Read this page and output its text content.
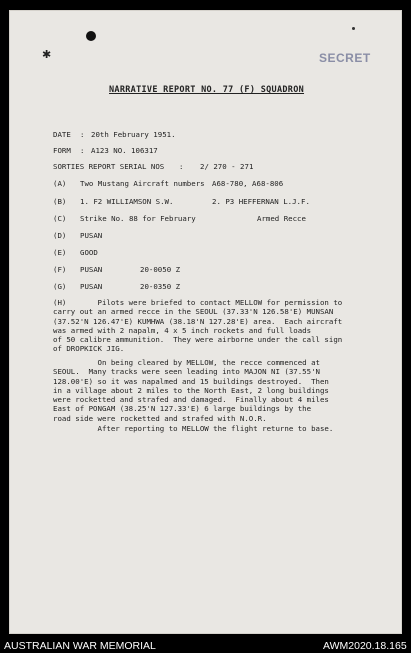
✱	SECRET
NARRATIVE REPORT NO. 77 (F) SQUADRON
DATE : 20th February 1951.
FORM : A123 NO. 106317
SORTIES REPORT SERIAL NOS : 2/ 270 - 271
(A) Two Mustang Aircraft numbers A68-780, A68-806
(B) 1. F2 WILLIAMSON S.W.	2. P3 HEFFERNAN L.J.F.
(C) Strike No. 88 for February	Armed Recce
(D) PUSAN
(E) GOOD
(F) PUSAN	20-0050 Z
(G) PUSAN	20-0350 Z
(H)       Pilots were briefed to contact MELLOW for permission to
carry out an armed recce in the SEOUL (37.33'N 126.58'E) MUNSAN
(37.52'N 126.47'E) KUMHWA (38.18'N 127.28'E) area.  Each aircraft
was armed with 2 napalm, 4 x 5 inch rockets and full loads
of 50 calibre ammunition.  They were airborne under the call sign
of DROPKICK JIG.
On being cleared by MELLOW, the recce commenced at
SEOUL.  Many tracks were seen leading into MAJON NI (37.55'N
128.00'E) so it was napalmed and 15 buildings destroyed.  Then
in a village about 2 miles to the North East, 2 long buildings
were rocketted and strafed and damaged.  Finally about 4 miles
East of PONGAM (38.25'N 127.33'E) 6 large buildings by the
road side were rocketted and strafed with N.O.R.
After reporting to MELLOW the flight returne to base.
AUSTRALIAN WAR MEMORIAL	AWM2020.18.165
